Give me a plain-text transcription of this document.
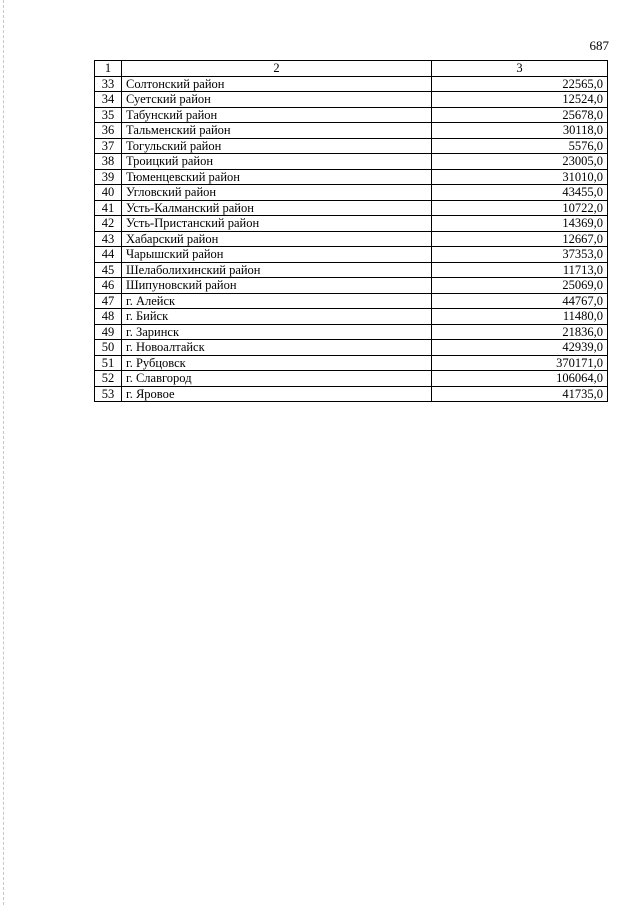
687
1	2	3
33	Солтонский район	22565,0
34	Суетский район	12524,0
35	Табунский район	25678,0
36	Тальменский район	30118,0
37	Тогульский район	5576,0
38	Троицкий район	23005,0
39	Тюменцевский район	31010,0
40	Угловский район	43455,0
41	Усть-Калманский район	10722,0
42	Усть-Пристанский район	14369,0
43	Хабарский район	12667,0
44	Чарышский район	37353,0
45	Шелаболихинский район	11713,0
46	Шипуновский район	25069,0
47	г. Алейск	44767,0
48	г. Бийск	11480,0
49	г. Заринск	21836,0
50	г. Новоалтайск	42939,0
51	г. Рубцовск	370171,0
52	г. Славгород	106064,0
53	г. Яровое	41735,0
